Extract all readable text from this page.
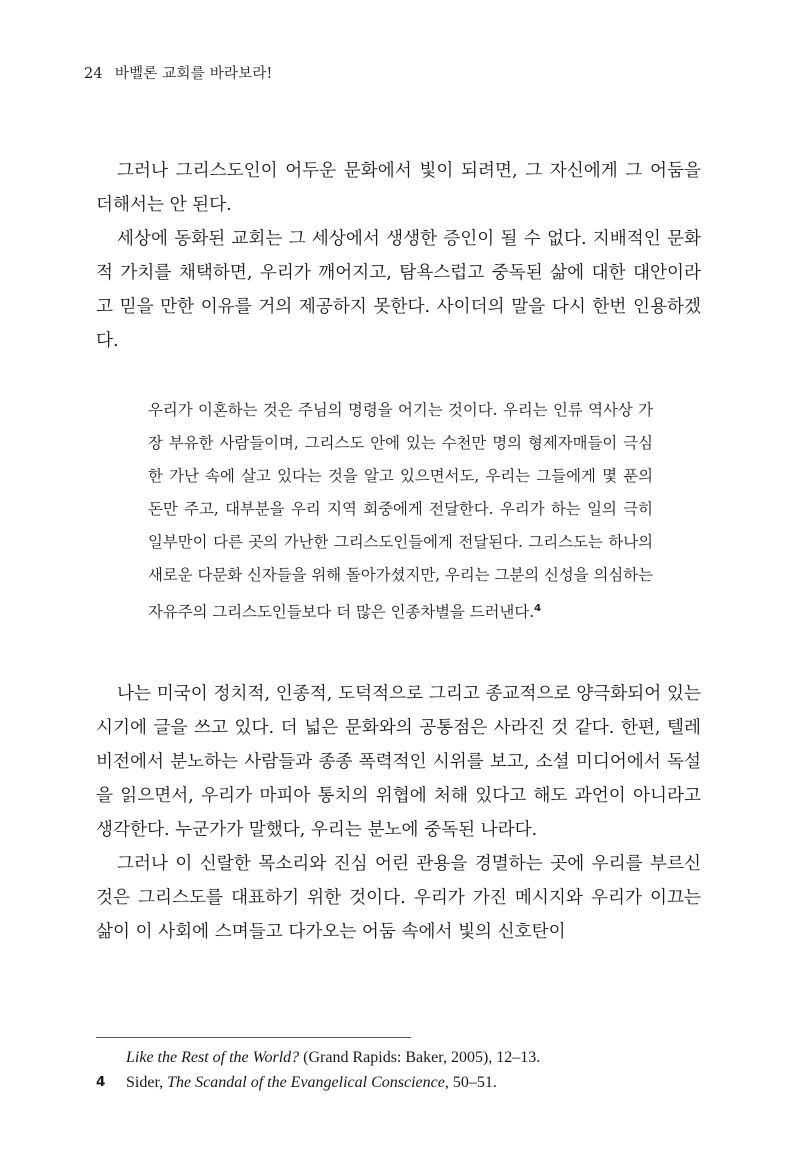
24 바벨론 교회를 바라보라!

그러나 그리스도인이 어두운 문화에서 빛이 되려면, 그 자신에게 그 어둠을 더해서는 안 된다.

세상에 동화된 교회는 그 세상에서 생생한 증인이 될 수 없다. 지배적인 문화적 가치를 채택하면, 우리가 깨어지고, 탐욕스럽고 중독된 삶에 대한 대안이라고 믿을 만한 이유를 거의 제공하지 못한다. 사이더의 말을 다시 한번 인용하겠다.

우리가 이혼하는 것은 주님의 명령을 어기는 것이다. 우리는 인류 역사상 가장 부유한 사람들이며, 그리스도 안에 있는 수천만 명의 형제자매들이 극심한 가난 속에 살고 있다는 것을 알고 있으면서도, 우리는 그들에게 몇 푼의 돈만 주고, 대부분을 우리 지역 회중에게 전달한다. 우리가 하는 일의 극히 일부만이 다른 곳의 가난한 그리스도인들에게 전달된다. 그리스도는 하나의 새로운 다문화 신자들을 위해 돌아가셨지만, 우리는 그분의 신성을 의심하는 자유주의 그리스도인들보다 더 많은 인종차별을 드러낸다.$^4$

나는 미국이 정치적, 인종적, 도덕적으로 그리고 종교적으로 양극화되어 있는 시기에 글을 쓰고 있다. 더 넓은 문화와의 공통점은 사라진 것 같다. 한편, 텔레비전에서 분노하는 사람들과 종종 폭력적인 시위를 보고, 소셜 미디어에서 독설을 읽으면서, 우리가 마피아 통치의 위협에 처해 있다고 해도 과언이 아니라고 생각한다. 누군가가 말했다, 우리는 분노에 중독된 나라다.

그러나 이 신랄한 목소리와 진심 어린 관용을 경멸하는 곳에 우리를 부르신 것은 그리스도를 대표하기 위한 것이다. 우리가 가진 메시지와 우리가 이끄는 삶이 이 사회에 스며들고 다가오는 어둠 속에서 빛의 신호탄이

Like the Rest of the World? (Grand Rapids: Baker, 2005), 12–13.
4	Sider, The Scandal of the Evangelical Conscience, 50–51.
